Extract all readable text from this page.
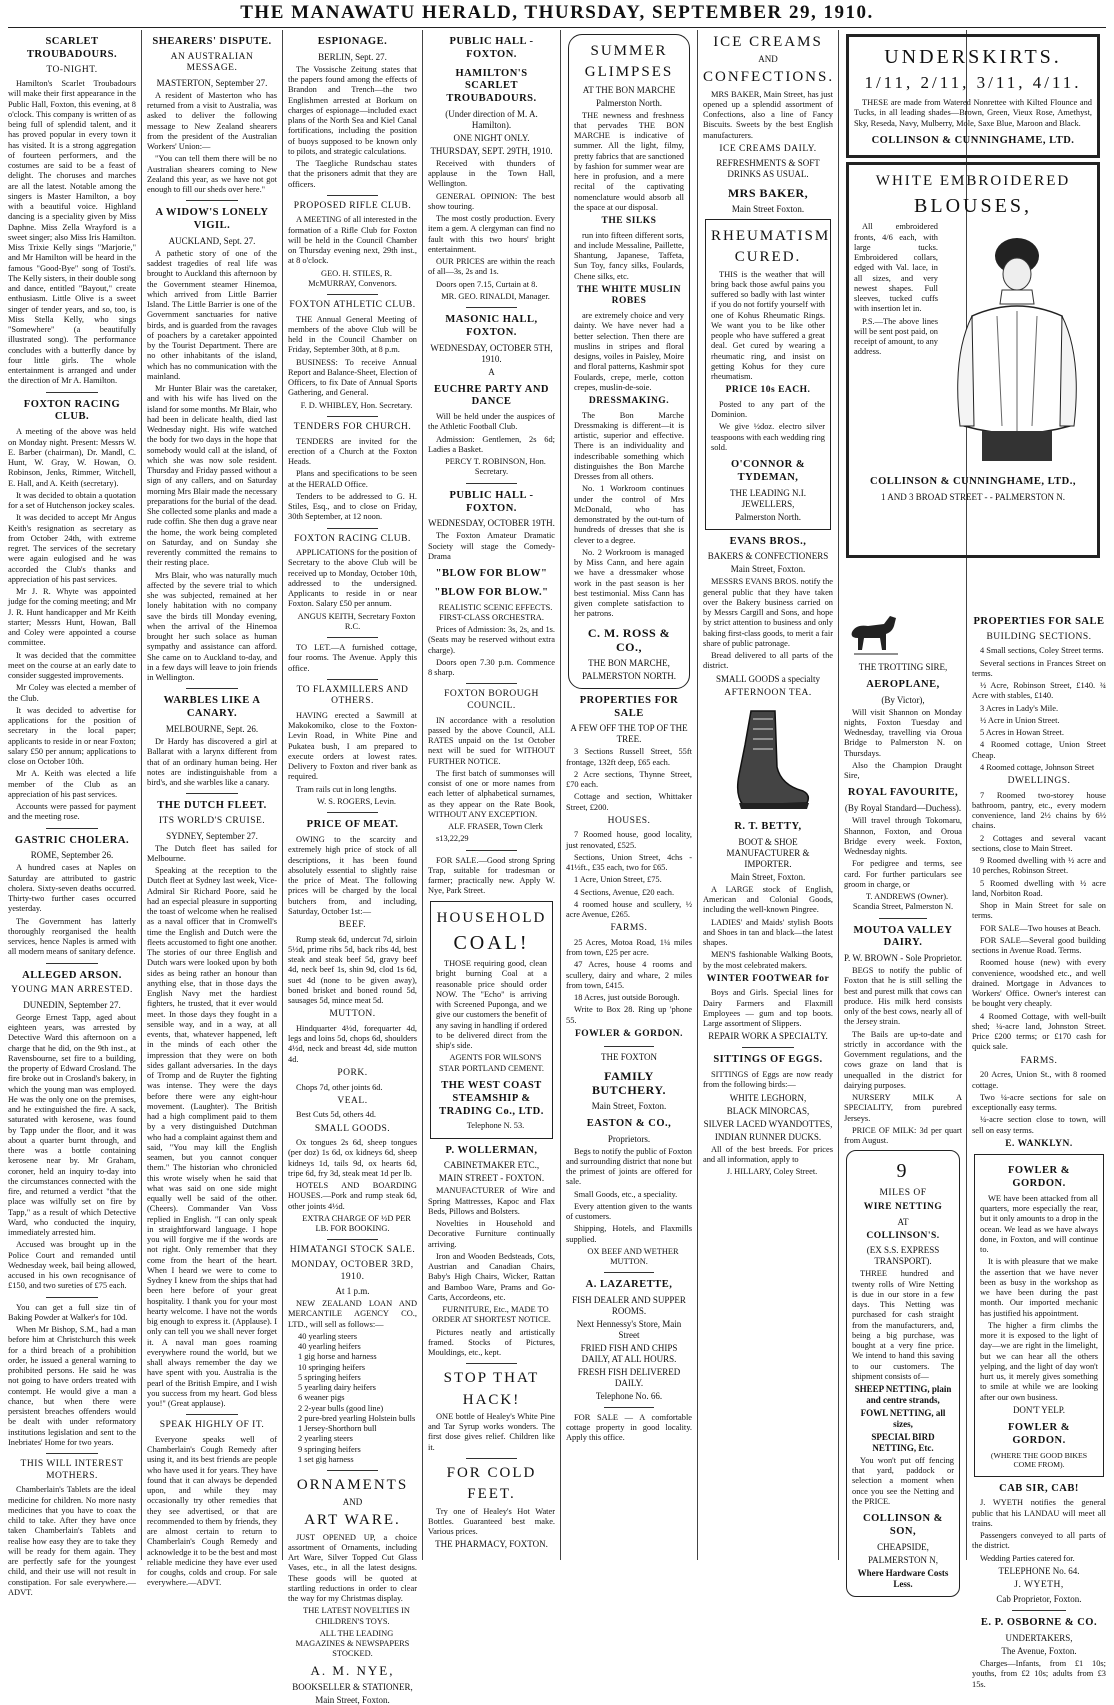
THE MANAWATU HERALD, THURSDAY, SEPTEMBER 29, 1910.
SCARLET TROUBADOURS.
TO-NIGHT.

Hamilton's Scarlet Troubadours will make their first appearance in the Public Hall, Foxton, this evening, at 8 o'clock. This company is written of as being full of splendid talent, and it has proved popular in every town it has visited. It is a strong aggregation of fourteen performers, and the costumes are said to be a feast of delight. The choruses and marches are all the latest. Notable among the singers is Master Hamilton, a boy with a beautiful voice. Highland dancing is a speciality given by Miss Daphne. Miss Zella Wrayford is a sweet singer; also Miss Iris Hamilton. Miss Trixie Kelly sings "Marjorie," and Mr Hamilton will be heard in the famous "Good-Bye" song of Tosti's. The Kelly sisters, in their double song and dance, entitled "Bayout," create enthusiasm. Little Olive is a sweet singer of tender years, and so, too, is Miss Stella Kelly, who sings "Somewhere" (a beautifully illustrated song). The performance concludes with a butterfly dance by four little girls. The whole entertainment is arranged and under the direction of Mr A. Hamilton.

FOXTON RACING CLUB.

A meeting of the above was held on Monday night. Present: Messrs W. E. Barber (chairman), Dr. Mandl, C. Hunt, W. Gray, W. Howan, O. Robinson, Jenks, Rimmer, Witchell, E. Hall, and A. Keith (secretary).

It was decided to obtain a quotation for a set of Hutchenson jockey scales.

It was decided to accept Mr Angus Keith's resignation as secretary as from October 24th, with extreme regret. The services of the secretary were again eulogised and he was accorded the Club's thanks and appreciation of his past services.

Mr J. R. Whyte was appointed judge for the coming meeting; and Mr J. R. Hunt handicapper and Mr Keith starter; Messrs Hunt, Howan, Ball and Coley were appointed a course committee.

It was decided that the committee meet on the course at an early date to consider suggested improvements.

Mr Coley was elected a member of the Club.

It was decided to advertise for applications for the position of secretary in the local paper; applicants to reside in or near Foxton; salary £50 per annum; applications to close on October 10th.

Mr A. Keith was elected a life member of the Club as an appreciation of his past services.

Accounts were passed for payment and the meeting rose.

GASTRIC CHOLERA.
ROME, September 26.

A hundred cases at Naples on Saturday are attributed to gastric cholera. Sixty-seven deaths occurred. Thirty-two further cases occurred yesterday.

The Government has latterly thoroughly reorganised the health services, hence Naples is armed with all modern means of sanitary defence.

ALLEGED ARSON.
YOUNG MAN ARRESTED.
DUNEDIN, September 27.

George Ernest Tapp, aged about eighteen years, was arrested by Detective Ward this afternoon on a charge that he did, on the 9th inst., at Ravensbourne, set fire to a building, the property of Edward Crosland. The fire broke out in Crosland's bakery, in which the young man was employed. He was the only one on the premises, and he extinguished the fire. A sack, saturated with kerosene, was found by Tapp under the floor, and it was about a quarter burnt through, and there was a bottle containing kerosene near by. Mr Graham, coroner, held an inquiry to-day into the circumstances connected with the fire, and returned a verdict "that the place was wilfully set on fire by Tapp," as a result of which Detective Ward, who conducted the inquiry, immediately arrested him.

Accused was brought up in the Police Court and remanded until Wednesday week, bail being allowed, accused in his own recognisance of £150, and two sureties of £75 each.

You can get a full size tin of Baking Powder at Walker's for 10d.

When Mr Bishop, S.M., had a man before him at Christchurch this week for a third breach of a prohibition order, he issued a general warning to prohibited persons. He said he was not going to have orders treated with contempt. He would give a man a chance, but when there were persistent breaches offenders would be dealt with under reformatory institutions legislation and sent to the Inebriates' Home for two years.

THIS WILL INTEREST MOTHERS.

Chamberlain's Tablets are the ideal medicine for children. No more nasty medicines that you have to coax the child to take. After they have once taken Chamberlain's Tablets and realise how easy they are to take they will be ready for them again. They are perfectly safe for the youngest child, and their use will not result in constipation. For sale everywhere.—ADVT.

SHEARERS' DISPUTE.
AN AUSTRALIAN MESSAGE.
MASTERTON, September 27.

A resident of Masterton who has returned from a visit to Australia, was asked to deliver the following message to New Zealand shearers from the president of the Australian Workers' Union:—

"You can tell them there will be no Australian shearers coming to New Zealand this year, as we have not got enough to fill our sheds over here."

A WIDOW'S LONELY VIGIL.
AUCKLAND, Sept. 27.

A pathetic story of one of the saddest tragedies of real life was brought to Auckland this afternoon by the Government steamer Hinemoa, which arrived from Little Barrier Island. The Little Barrier is one of the Government sanctuaries for native birds, and is guarded from the ravages of poachers by a caretaker appointed by the Tourist Department. There are no other inhabitants of the island, which has no communication with the mainland.

Mr Hunter Blair was the caretaker, and with his wife has lived on the island for some months. Mr Blair, who had been in delicate health, died last Wednesday night. His wife watched the body for two days in the hope that somebody would call at the island, of which she was now sole resident. Thursday and Friday passed without a sign of any callers, and on Saturday morning Mrs Blair made the necessary preparations for the burial of the dead. She collected some planks and made a rude coffin. She then dug a grave near the home, the work being completed on Saturday, and on Sunday she reverently committed the remains to their resting place.

Mrs Blair, who was naturally much affected by the severe trial to which she was subjected, remained at her lonely habitation with no company save the birds till Monday evening, when the arrival of the Hinemoa brought her such solace as human sympathy and assistance can afford. She came on to Auckland to-day, and in a few days will leave to join friends in Wellington.

WARBLES LIKE A CANARY.
MELBOURNE, Sept. 26.

Dr Hardy has discovered a girl at Ballarat with a larynx different from that of an ordinary human being. Her notes are indistinguishable from a bird's, and she warbles like a canary.

THE DUTCH FLEET.
ITS WORLD'S CRUISE.
SYDNEY, September 27.

The Dutch fleet has sailed for Melbourne.

Speaking at the reception to the Dutch fleet at Sydney last week, Vice-Admiral Sir Richard Poore, said he had an especial pleasure in supporting the toast of welcome when he realised as a naval officer that in Cromwell's time the English and Dutch were the fleets accustomed to fight one another. The stories of our three English and Dutch wars were looked upon by both sides as being rather an honour than anything else, that in those days the English Navy met the hardiest fighters, he trusted, that it ever would meet. In those days they fought in a sensible way, and in a way, at all events, that, whatever happened, left in the minds of each other the impression that they were on both sides gallant adversaries. In the days of Tromp and de Ruyter the fighting was intense. They were the days before there were any eight-hour movement. (Laughter). The British had a high compliment paid to them by a very distinguished Dutchman who had a complaint against them and said, "You may kill the English seamen, but you cannot conquer them." The historian who chronicled this wrote wisely when he said that what was said on one side might equally well be said of the other. (Cheers). Commander Van Voss replied in English. "I can only speak in straightforward language. I hope you will forgive me if the words are not right. Only remember that they come from the heart of the heart. When I heard we were to come to Sydney I knew from the ships that had been here before of your great hospitality. I thank you for your most hearty welcome. I have not the words big enough to express it. (Applause). I only can tell you we shall never forget it. A naval man goes roaming everywhere round the world, but we shall always remember the day we have spent with you. Australia is the pearl of the British Empire, and I wish you success from my heart. God bless you!" (Great applause).

SPEAK HIGHLY OF IT.

Everyone speaks well of Chamberlain's Cough Remedy after using it, and its best friends are people who have used it for years. They have found that it can always be depended upon, and while they may occasionally try other remedies that they see advertised, or that are recommended to them by friends, they are almost certain to return to Chamberlain's Cough Remedy and acknowledge it to be the best and most reliable medicine they have ever used for coughs, colds and croup. For sale everywhere.—ADVT.

ESPIONAGE.
BERLIN, Sept. 27.

The Vossische Zeitung states that the papers found among the effects of Brandon and Trench—the two Englishmen arrested at Borkum on charges of espionage—included exact plans of the North Sea and Kiel Canal fortifications, including the position of buoys supposed to be known only to pilots, and strategic calculations.

The Taegliche Rundschau states that the prisoners admit that they are officers.

PROPOSED RIFLE CLUB.

A MEETING of all interested in the formation of a Rifle Club for Foxton will be held in the Council Chamber on Thursday evening next, 29th inst., at 8 o'clock.

GEO. H. STILES, R. McMURRAY, Convenors.

FOXTON ATHLETIC CLUB.

THE Annual General Meeting of members of the above Club will be held in the Council Chamber on Friday, September 30th, at 8 p.m.

BUSINESS: To receive Annual Report and Balance-Sheet, Election of Officers, to fix Date of Annual Sports Gathering, and General.

F. D. WHIBLEY, Hon. Secretary.

TENDERS FOR CHURCH.

TENDERS are invited for the erection of a Church at the Foxton Heads.

Plans and specifications to be seen at the HERALD Office.

Tenders to be addressed to G. H. Stiles, Esq., and to close on Friday, 30th September, at 12 noon.

FOXTON RACING CLUB.

APPLICATIONS for the position of Secretary to the above Club will be received up to Monday, October 10th, addressed to the undersigned. Applicants to reside in or near Foxton. Salary £50 per annum.

ANGUS KEITH, Secretary Foxton R.C.

TO LET.—A furnished cottage, four rooms. The Avenue. Apply this office.

TO FLAXMILLERS AND OTHERS.

HAVING erected a Sawmill at Makokomiko, close to the Foxton-Levin Road, in White Pine and Pukatea bush, I am prepared to execute orders at lowest rates. Delivery to Foxton and river bank as required.

Tram rails cut in long lengths.

W. S. ROGERS, Levin.

PRICE OF MEAT.

OWING to the scarcity and extremely high price of stock of all descriptions, it has been found absolutely essential to slightly raise the price of Meat. The following prices will be charged by the local butchers from, and including, Saturday, October 1st:—

BEEF.

Rump steak 6d, undercut 7d, sirloin 5½d, prime ribs 5d, back ribs 4d, best steak and steak beef 5d, gravy beef 4d, neck beef 1s, shin 9d, clod 1s 6d, suet 4d (none to be given away), boned brisket and boned round 5d, sausages 5d, mince meat 5d.

MUTTON.

Hindquarter 4½d, forequarter 4d, legs and loins 5d, chops 6d, shoulders 4½d, neck and breast 4d, side mutton 4d.

PORK.

Chops 7d, other joints 6d.

VEAL.

Best Cuts 5d, others 4d.

SMALL GOODS.

Ox tongues 2s 6d, sheep tongues (per doz) 1s 6d, ox kidneys 6d, sheep kidneys 1d, tails 9d, ox hearts 6d, tripe 6d, fry 3d, steak meat 1d per lb.

HOTELS AND BOARDING HOUSES.—Pork and rump steak 6d, other joints 4½d.

EXTRA CHARGE OF ½D PER LB. FOR BOOKING.

HIMATANGI STOCK SALE.
MONDAY, OCTOBER 3RD, 1910.
At 1 p.m.

NEW ZEALAND LOAN AND MERCANTILE AGENCY CO., LTD., will sell as follows:—

40 yearling steers
40 yearling heifers
1 gig horse and harness
10 springing heifers
5 springing heifers
5 yearling dairy heifers
6 weaner pigs
2 2-year bulls (good line)
2 pure-bred yearling Holstein bulls
1 Jersey-Shorthorn bull
2 yearling steers
9 springing heifers
1 set gig harness
ORNAMENTS
AND
ART WARE.

JUST OPENED UP, a choice assortment of Ornaments, including Art Ware, Silver Topped Cut Glass Vases, etc., in all the latest designs. These goods will be quoted at startling reductions in order to clear the way for my Christmas display.

THE LATEST NOVELTIES IN CHILDREN'S TOYS.

ALL THE LEADING MAGAZINES & NEWSPAPERS STOCKED.

A. M. NYE,
BOOKSELLER & STATIONER,
Main Street, Foxton.
PUBLIC HALL - FOXTON.
HAMILTON'S SCARLET TROUBADOURS.
(Under direction of M. A. Hamilton).
ONE NIGHT ONLY.
THURSDAY, SEPT. 29TH, 1910.

Received with thunders of applause in the Town Hall, Wellington.

GENERAL OPINION: The best show touring.

The most costly production. Every item a gem. A clergyman can find no fault with this two hours' bright entertainment.

OUR PRICES are within the reach of all—3s, 2s and 1s.

Doors open 7.15, Curtain at 8.

MR. GEO. RINALDI, Manager.

MASONIC HALL, FOXTON.
WEDNESDAY, OCTOBER 5TH, 1910.
A
EUCHRE PARTY AND DANCE

Will be held under the auspices of the Athletic Football Club.

Admission: Gentlemen, 2s 6d; Ladies a Basket.

PERCY T. ROBINSON, Hon. Secretary.

PUBLIC HALL - FOXTON.
WEDNESDAY, OCTOBER 19TH.

The Foxton Amateur Dramatic Society will stage the Comedy-Drama

"BLOW FOR BLOW"
"BLOW FOR BLOW."

REALISTIC SCENIC EFFECTS. FIRST-CLASS ORCHESTRA.

Prices of Admission: 3s, 2s, and 1s. (Seats may be reserved without extra charge).

Doors open 7.30 p.m. Commence 8 sharp.

FOXTON BOROUGH COUNCIL.

IN accordance with a resolution passed by the above Council, ALL RATES unpaid on the 1st October next will be sued for WITHOUT FURTHER NOTICE.

The first batch of summonses will consist of one or more names from each letter of alphabetical surnames, as they appear on the Rate Book, WITHOUT ANY EXCEPTION.

ALF. FRASER, Town Clerk

s13,22,29

FOR SALE.—Good strong Spring Trap, suitable for tradesman or farmer; practically new. Apply W. Nye, Park Street.

HOUSEHOLD
COAL!

THOSE requiring good, clean bright burning Coal at a reasonable price should order NOW. The "Echo" is arriving with Screened Puponga, and we give our customers the benefit of any saving in handling if ordered to be delivered direct from the ship's side.

AGENTS FOR WILSON'S STAR PORTLAND CEMENT.

THE WEST COAST STEAMSHIP & TRADING Co., LTD.

Telephone N. 53.

P. WOLLERMAN,
CABINETMAKER ETC.,
MAIN STREET - FOXTON.

MANUFACTURER of Wire and Spring Mattresses, Kapoc and Flax Beds, Pillows and Bolsters.

Novelties in Household and Decorative Furniture continually arriving.

Iron and Wooden Bedsteads, Cots, Austrian and Canadian Chairs, Baby's High Chairs, Wicker, Rattan and Bamboo Ware, Prams and Go-Carts, Accordeons, etc.

FURNITURE, Etc., MADE TO ORDER AT SHORTEST NOTICE.

Pictures neatly and artistically framed. Stocks of Pictures, Mouldings, etc., kept.

STOP THAT
HACK!

ONE bottle of Healey's White Pine and Tar Syrup works wonders. The first dose gives relief. Children like it.

FOR COLD
FEET.

Try one of Healey's Hot Water Bottles. Guaranteed best make. Various prices.

THE PHARMACY, FOXTON.
SUMMER
GLIMPSES
AT THE BON MARCHE
Palmerston North.

THE newness and freshness that pervades THE BON MARCHE is indicative of summer. All the light, filmy, pretty fabrics that are sanctioned by fashion for summer wear are here in profusion, and a mere recital of the captivating nomenclature would absorb all the space at our disposal.

THE SILKS

run into fifteen different sorts, and include Messaline, Paillette, Shantung, Japanese, Taffeta, Sun Toy, fancy silks, Foulards, Chene silks, etc.

THE WHITE MUSLIN ROBES

are extremely choice and very dainty. We have never had a better selection. Then there are muslins in stripes and floral designs, voiles in Paisley, Moire and floral patterns, Kashmir spot Foulards, crepe, merle, cotton crepes, muslin-de-soie.

DRESSMAKING.

The Bon Marche Dressmaking is different—it is artistic, superior and effective. There is an individuality and indescribable something which distinguishes the Bon Marche Dresses from all others.

No. 1 Workroom continues under the control of Mrs McDonald, who has demonstrated by the out-turn of hundreds of dresses that she is clever to a degree.

No. 2 Workroom is managed by Miss Cann, and here again we have a dressmaker whose work in the past season is her best testimonial. Miss Cann has given complete satisfaction to her patrons.

C. M. ROSS & CO.,
THE BON MARCHE,
PALMERSTON NORTH.
PROPERTIES FOR SALE
A FEW OFF THE TOP OF THE TREE.

3 Sections Russell Street, 55ft frontage, 132ft deep, £65 each.

2 Acre sections, Thynne Street, £70 each.

Cottage and section, Whittaker Street, £200.

HOUSES.

7 Roomed house, good locality, just renovated, £525.

Sections, Union Street, 4chs - 41½ft., £35 each, two for £65.

1 Acre, Union Street, £75.

4 Sections, Avenue, £20 each.

4 roomed house and scullery, ½ acre Avenue, £265.

FARMS.

25 Acres, Motoa Road, 1¼ miles from town, £25 per acre.

47 Acres, house 4 rooms and scullery, dairy and whare, 2 miles from town, £415.

18 Acres, just outside Borough.

Write to Box 28. Ring up 'phone 55.

FOWLER & GORDON.
THE FOXTON
FAMILY BUTCHERY.
Main Street, Foxton.
EASTON & CO.,
Proprietors.

Begs to notify the public of Foxton and surrounding district that none but the primest of joints are offered for sale.

Small Goods, etc., a speciality.

Every attention given to the wants of customers.

Shipping, Hotels, and Flaxmills supplied.

OX BEEF AND WETHER MUTTON.

A. LAZARETTE,
FISH DEALER AND SUPPER ROOMS.
Next Hennessy's Store, Main Street
FRIED FISH AND CHIPS DAILY, AT ALL HOURS.
FRESH FISH DELIVERED DAILY.
Telephone No. 66.

FOR SALE — A comfortable cottage property in good locality. Apply this office.

ICE CREAMS
AND
CONFECTIONS.

MRS BAKER, Main Street, has just opened up a splendid assortment of Confections, also a line of Fancy Biscuits. Sweets by the best English manufacturers.

ICE CREAMS DAILY.
REFRESHMENTS & SOFT DRINKS AS USUAL.
MRS BAKER,
Main Street Foxton.
RHEUMATISM
CURED.

THIS is the weather that will bring back those awful pains you suffered so badly with last winter if you do not fortify yourself with one of Kohus Rheumatic Rings. We want you to be like other people who have suffered a great deal. Get cured by wearing a rheumatic ring, and insist on getting Kohus for they cure rheumatism.

PRICE 10s EACH.

Posted to any part of the Dominion.

We give ½doz. electro silver teaspoons with each wedding ring sold.

O'CONNOR & TYDEMAN,
THE LEADING N.I. JEWELLERS,
Palmerston North.
EVANS BROS.,
BAKERS & CONFECTIONERS
Main Street, Foxton.

MESSRS EVANS BROS. notify the general public that they have taken over the Bakery business carried on by Messrs Cargill and Sons, and hope by strict attention to business and only baking first-class goods, to merit a fair share of public patronage.

Bread delivered to all parts of the district.

SMALL GOODS a specialty
AFTERNOON TEA.
R. T. BETTY,
BOOT & SHOE MANUFACTURER & IMPORTER.
Main Street, Foxton.

A LARGE stock of English, American and Colonial Goods, including the well-known Pingree.

LADIES' and Maids' stylish Boots and Shoes in tan and black—the latest shapes.

MEN'S fashionable Walking Boots, by the most celebrated makers.

WINTER FOOTWEAR for

Boys and Girls. Special lines for Dairy Farmers and Flaxmill Employees — gum and top boots. Large assortment of Slippers.

REPAIR WORK A SPECIALTY.
SITTINGS OF EGGS.

SITTINGS of Eggs are now ready from the following birds:—

WHITE LEGHORN,
BLACK MINORCAS,
SILVER LACED WYANDOTTES,
INDIAN RUNNER DUCKS.

All of the best breeds. For prices and all information, apply to

J. HILLARY, Coley Street.

UNDERSKIRTS.
1/11, 2/11, 3/11, 4/11.

THESE are made from Watered Nonrettee with Kilted Flounce and Tucks, in all leading shades—Brown, Green, Vieux Rose, Amethyst, Sky, Reseda, Navy, Mulberry, Mole, Saxe Blue, Maroon and Black.

COLLINSON & CUNNINGHAME, LTD.
WHITE EMBROIDERED
BLOUSES,

All embroidered fronts, 4/6 each, with large tucks. Embroidered collars, edged with Val. lace, in all sizes, and very newest shapes. Full sleeves, tucked cuffs with insertion let in.

P.S.—The above lines will be sent post paid, on receipt of amount, to any address.

COLLINSON & CUNNINGHAME, LTD.,
1 AND 3 BROAD STREET - - PALMERSTON N.
THE TROTTING SIRE,
AEROPLANE,
(By Victor),

Will visit Shannon on Monday nights, Foxton Tuesday and Wednesday, travelling via Oroua Bridge to Palmerston N. on Thursdays.

Also the Champion Draught Sire,

ROYAL FAVOURITE,
(By Royal Standard—Duchess).

Will travel through Tokomaru, Shannon, Foxton, and Oroua Bridge every week. Foxton, Wednesday nights.

For pedigree and terms, see card. For further particulars see groom in charge, or

T. ANDREWS (Owner). Scandia Street, Palmerston N.

MOUTOA VALLEY DAIRY.
P. W. BROWN - Sole Proprietor.

BEGS to notify the public of Foxton that he is still selling the best and purest milk that cows can produce. His milk herd consists only of the best cows, nearly all of the Jersey strain.

The Bails are up-to-date and strictly in accordance with the Government regulations, and the cows graze on land that is unequalled in the district for dairying purposes.

NURSERY MILK A SPECIALITY, from purebred Jerseys.

PRICE OF MILK: 3d per quart from August.

9
MILES OF
WIRE NETTING
AT
COLLINSON'S.
(EX S.S. EXPRESS TRANSPORT).

THREE hundred and twenty rolls of Wire Netting is due in our store in a few days. This Netting was purchased for cash straight from the manufacturers, and, being a big purchase, was bought at a very fine price. We intend to hand this saving to our customers. The shipment consists of—

SHEEP NETTING, plain and centre strands,
FOWL NETTING, all sizes,
SPECIAL BIRD NETTING, Etc.

You won't put off fencing that yard, paddock or selection a moment when once you see the Netting and the PRICE.

COLLINSON & SON,
CHEAPSIDE,
PALMERSTON N,
Where Hardware Costs Less.
PROPERTIES FOR SALE
BUILDING SECTIONS.

4 Small sections, Coley Street terms.

Several sections in Frances Street on terms.

½ Acre, Robinson Street, £140. ¾ Acre with stables, £140.

3 Acres in Lady's Mile.

½ Acre in Union Street.

5 Acres in Howan Street.

4 Roomed cottage, Union Street Cheap.

4 Roomed cottage, Johnson Street

DWELLINGS.

7 Roomed two-storey house bathroom, pantry, etc., every modern convenience, land 2½ chains by 6½ chains.

2 Cottages and several vacant sections, close to Main Street.

9 Roomed dwelling with ½ acre and 10 perches, Robinson Street.

5 Roomed dwelling with ½ acre land, Norbiton Road.

Shop in Main Street for sale on terms.

FOR SALE—Two houses at Beach.

FOR SALE—Several good building sections in Avenue Road. Terms.

Roomed house (new) with every convenience, woodshed etc., and well drained. Mortgage in Advances to Workers' Office. Owner's interest can be bought very cheaply.

4 Roomed Cottage, with well-built shed; ¼-acre land, Johnston Street. Price £200 terms; or £170 cash for quick sale.

FARMS.

20 Acres, Union St., with 8 roomed cottage.

Two ¼-acre sections for sale on exceptionally easy terms.

¼-acre section close to town, will sell on easy terms.

E. WANKLYN.
FOWLER & GORDON.

WE have been attacked from all quarters, more especially the rear, but it only amounts to a drop in the ocean. We lead as we have always done, in Foxton, and will continue to.

It is with pleasure that we make the assertion that we have never been as busy in the workshop as we have been during the past month. Our imported mechanic has justified his appointment.

The higher a firm climbs the more it is exposed to the light of day—we are right in the limelight, but we can hear all the others yelping, and the light of day won't hurt us, it merely gives something to smile at while we are looking after our own business.

DON'T YELP.
FOWLER & GORDON.
(WHERE THE GOOD BIKES COME FROM).
CAB SIR, CAB!

J. WYETH notifies the general public that his LANDAU will meet all trains.

Passengers conveyed to all parts of the district.

Wedding Parties catered for.

TELEPHONE No. 64.
J. WYETH,
Cab Proprietor, Foxton.
E. P. OSBORNE & CO.
UNDERTAKERS,
The Avenue, Foxton.

Charges—Infants, from £1 10s; youths, from £2 10s; adults from £3 15s.
